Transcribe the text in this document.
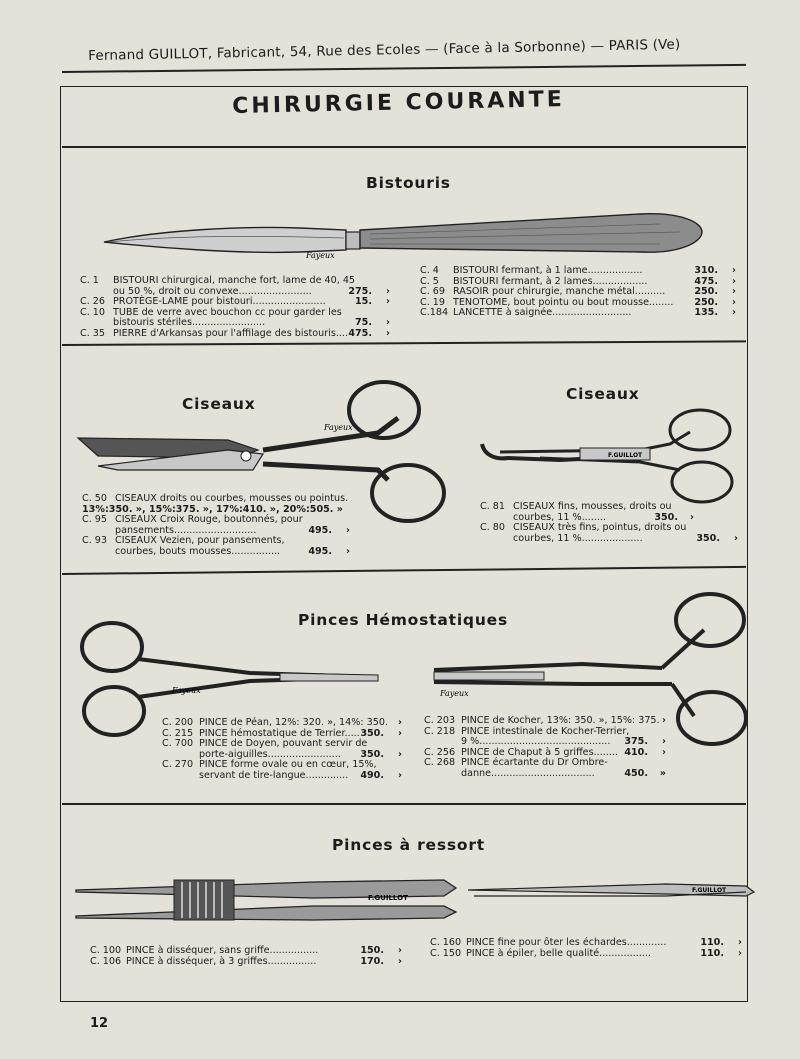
Fernand GUILLOT, Fabricant, 54, Rue des Ecoles — (Face à la Sorbonne) — PARIS (Ve)
CHIRURGIE COURANTE
Bistouris
Fayeux
C. 1 BISTOURI chirurgical, manche fort, lame de 40, 45
ou 50 %, droit ou convexe........................	275. ›
C. 26 PROTÈGE-LAME pour bistouri........................	15. ›
C. 10 TUBE de verre avec bouchon cc pour garder les
bistouris stériles........................	75. ›
C. 35 PIERRE d'Arkansas pour l'affilage des bistouris.... 475. ›
C. 4 BISTOURI fermant, à 1 lame..................	310. ›
C. 5 BISTOURI fermant, à 2 lames..................	475. ›
C. 69 RASOIR pour chirurgie, manche métal..........	250. ›
C. 19 TENOTOME, bout pointu ou bout mousse........ 250. ›
C.184 LANCETTE à saignée..........................	135. ›
Ciseaux
Fayeux
C. 50 CISEAUX droits ou courbes, mousses ou pointus.
13%:350. », 15%:375. », 17%:410. », 20%:505. »
C. 95 CISEAUX Croix Rouge, boutonnés, pour
pansements...........................	495. ›
C. 93 CISEAUX Vezien, pour pansements,
courbes, bouts mousses................	495. ›
Ciseaux
F.GUILLOT
C. 81 CISEAUX fins, mousses, droits ou
courbes, 11 %........	350. ›
C. 80 CISEAUX très fins, pointus, droits ou
courbes, 11 %....................	350. ›
Pinces Hémostatiques
Fayeux	Fayeux
C. 200 PINCE de Péan, 12%: 320. », 14%: 350. ›
C. 215 PINCE hémostatique de Terrier..... 350. ›
C. 700 PINCE de Doyen, pouvant servir de
porte-aiguilles........................ 350. ›
C. 270 PINCE forme ovale ou en cœur, 15%,
servant de tire-langue.............. 490. ›
C. 203 PINCE de Kocher, 13%: 350. », 15%: 375. ›
C. 218 PINCE intestinale de Kocher-Terrier,
9 %........................................... 375. ›
C. 256 PINCE de Chaput à 5 griffes........ 410. ›
C. 268 PINCE écartante du Dr Ombre-
danne..................................	450. »
Pinces à ressort
F.GUILLOT
F.GUILLOT
C. 100 PINCE à disséquer, sans griffe................	150. ›
C. 106 PINCE à disséquer, à 3 griffes................	170. ›
C. 160 PINCE fine pour ôter les échardes.............	110. ›
C. 150 PINCE à épiler, belle qualité.................	110. ›
12
